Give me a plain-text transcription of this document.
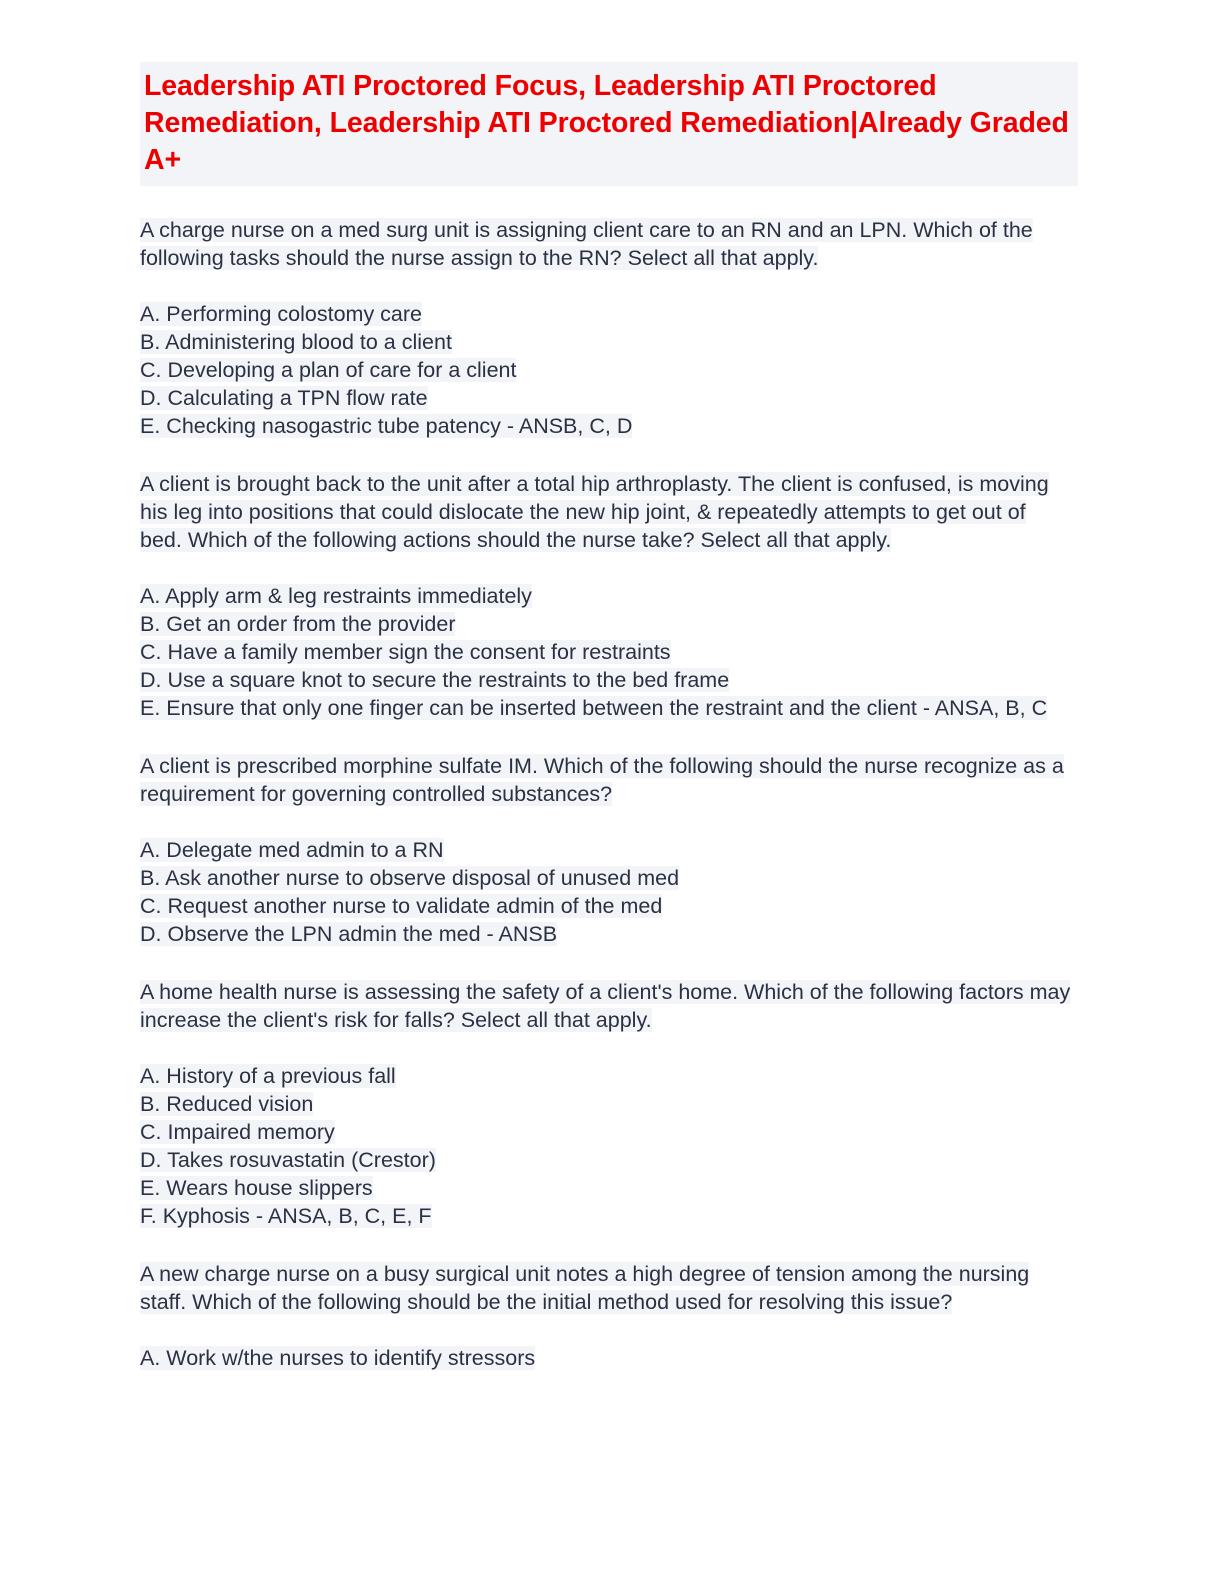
Leadership ATI Proctored Focus, Leadership ATI Proctored Remediation, Leadership ATI Proctored Remediation|Already Graded A+

A charge nurse on a med surg unit is assigning client care to an RN and an LPN. Which of the following tasks should the nurse assign to the RN? Select all that apply.

A. Performing colostomy care
B. Administering blood to a client
C. Developing a plan of care for a client
D. Calculating a TPN flow rate
E. Checking nasogastric tube patency - ANSB, C, D

A client is brought back to the unit after a total hip arthroplasty. The client is confused, is moving his leg into positions that could dislocate the new hip joint, & repeatedly attempts to get out of bed. Which of the following actions should the nurse take? Select all that apply.

A. Apply arm & leg restraints immediately
B. Get an order from the provider
C. Have a family member sign the consent for restraints
D. Use a square knot to secure the restraints to the bed frame
E. Ensure that only one finger can be inserted between the restraint and the client - ANSA, B, C

A client is prescribed morphine sulfate IM. Which of the following should the nurse recognize as a requirement for governing controlled substances?

A. Delegate med admin to a RN
B. Ask another nurse to observe disposal of unused med
C. Request another nurse to validate admin of the med
D. Observe the LPN admin the med - ANSB

A home health nurse is assessing the safety of a client's home. Which of the following factors may increase the client's risk for falls? Select all that apply.

A. History of a previous fall
B. Reduced vision
C. Impaired memory
D. Takes rosuvastatin (Crestor)
E. Wears house slippers
F. Kyphosis - ANSA, B, C, E, F

A new charge nurse on a busy surgical unit notes a high degree of tension among the nursing staff. Which of the following should be the initial method used for resolving this issue?

A. Work w/the nurses to identify stressors
